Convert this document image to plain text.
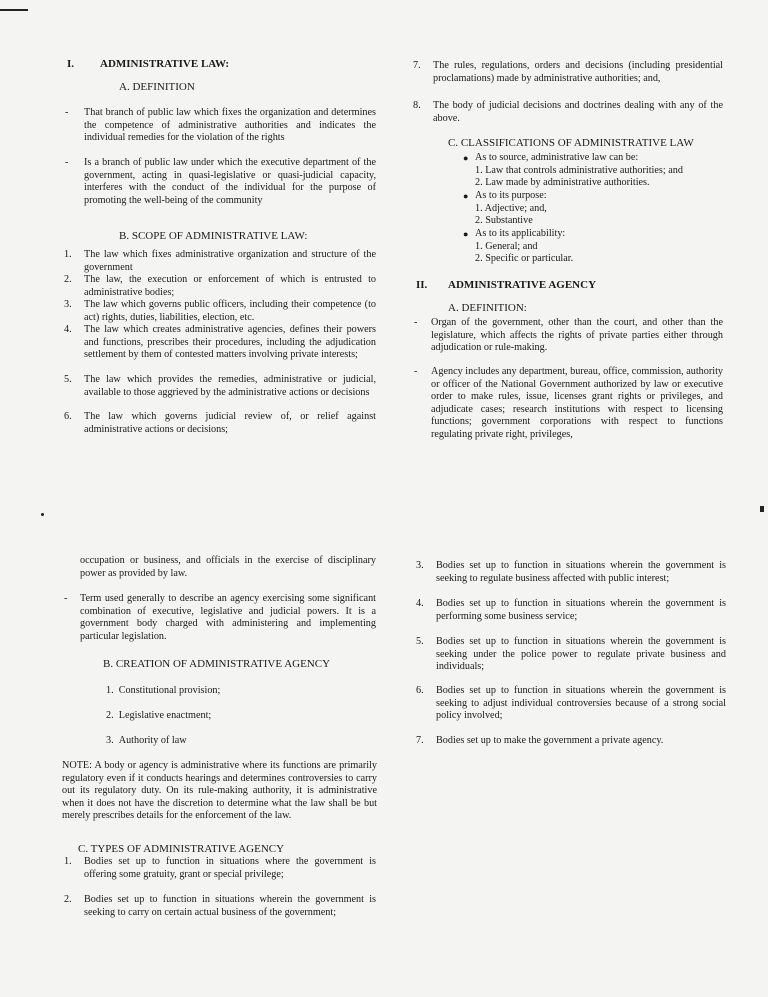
I. ADMINISTRATIVE LAW:
A. DEFINITION
- That branch of public law which fixes the organization and determines the competence of administrative authorities and indicates the individual remedies for the violation of the rights
- Is a branch of public law under which the executive department of the government, acting in quasi-legislative or quasi-judicial capacity, interferes with the conduct of the individual for the purpose of promoting the well-being of the community
B. SCOPE OF ADMINISTRATIVE LAW:
1. The law which fixes administrative organization and structure of the government
2. The law, the execution or enforcement of which is entrusted to administrative bodies;
3. The law which governs public officers, including their competence (to act) rights, duties, liabilities, election, etc.
4. The law which creates administrative agencies, defines their powers and functions, prescribes their procedures, including the adjudication settlement by them of contested matters involving private interests;
5. The law which provides the remedies, administrative or judicial, available to those aggrieved by the administrative actions or decisions
6. The law which governs judicial review of, or relief against administrative actions or decisions;
7. The rules, regulations, orders and decisions (including presidential proclamations) made by administrative authorities; and,
8. The body of judicial decisions and doctrines dealing with any of the above.
C. CLASSIFICATIONS OF ADMINISTRATIVE LAW
● As to source, administrative law can be:
1. Law that controls administrative authorities; and
2. Law made by administrative authorities.
● As to its purpose:
1. Adjective; and,
2. Substantive
● As to its applicability:
1. General; and
2. Specific or particular.
II. ADMINISTRATIVE AGENCY
A. DEFINITION:
- Organ of the government, other than the court, and other than the legislature, which affects the rights of private parties either through adjudication or rule-making.
- Agency includes any department, bureau, office, commission, authority or officer of the National Government authorized by law or executive order to make rules, issue, licenses grant rights or privileges, and adjudicate cases; research institutions with respect to licensing functions; government corporations with respect to functions regulating private right, privileges,
occupation or business, and officials in the exercise of disciplinary power as provided by law.
- Term used generally to describe an agency exercising some significant combination of executive, legislative and judicial powers. It is a government body charged with administering and implementing particular legislation.
B. CREATION OF ADMINISTRATIVE AGENCY
1. Constitutional provision;
2. Legislative enactment;
3. Authority of law
NOTE: A body or agency is administrative where its functions are primarily regulatory even if it conducts hearings and determines controversies to carry out its regulatory duty. On its rule-making authority, it is administrative when it does not have the discretion to determine what the law shall be but merely prescribes details for the enforcement of the law.
C. TYPES OF ADMINISTRATIVE AGENCY
1. Bodies set up to function in situations where the government is offering some gratuity, grant or special privilege;
2. Bodies set up to function in situations wherein the government is seeking to carry on certain actual business of the government;
3. Bodies set up to function in situations wherein the government is seeking to regulate business affected with public interest;
4. Bodies set up to function in situations wherein the government is performing some business service;
5. Bodies set up to function in situations wherein the government is seeking under the police power to regulate private business and individuals;
6. Bodies set up to function in situations wherein the government is seeking to adjust individual controversies because of a strong social policy involved;
7. Bodies set up to make the government a private agency.
